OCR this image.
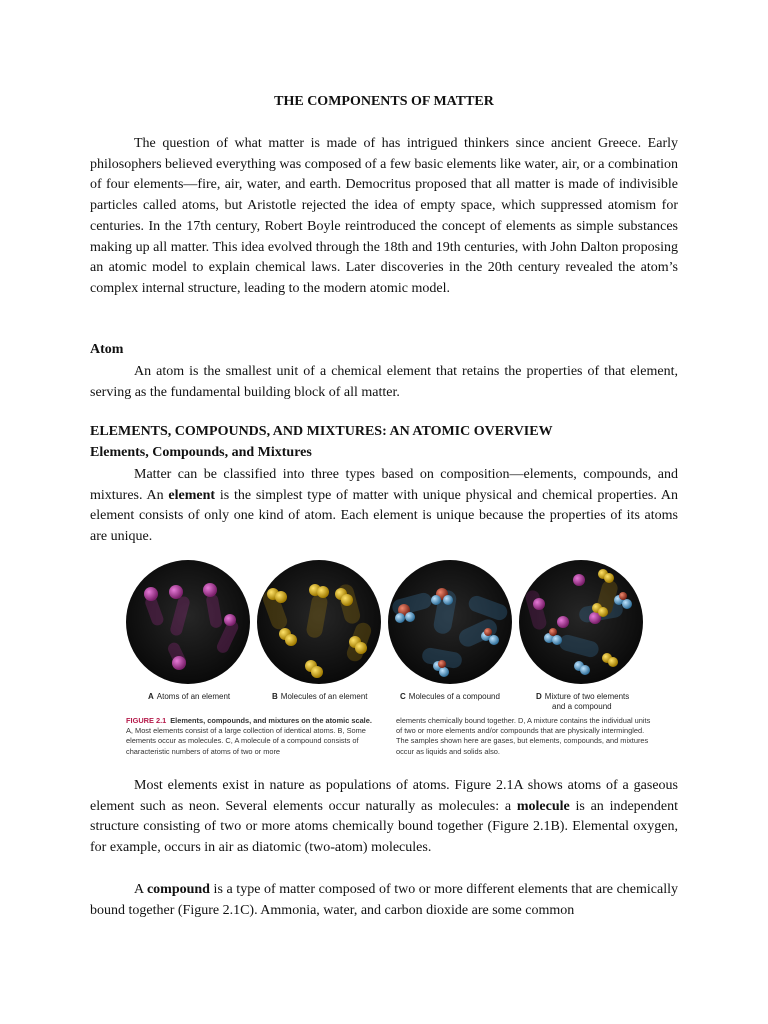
THE COMPONENTS OF MATTER

The question of what matter is made of has intrigued thinkers since ancient Greece. Early philosophers believed everything was composed of a few basic elements like water, air, or a combination of four elements—fire, air, water, and earth. Democritus proposed that all matter is made of indivisible particles called atoms, but Aristotle rejected the idea of empty space, which suppressed atomism for centuries. In the 17th century, Robert Boyle reintroduced the concept of elements as simple substances making up all matter. This idea evolved through the 18th and 19th centuries, with John Dalton proposing an atomic model to explain chemical laws. Later discoveries in the 20th century revealed the atom’s complex internal structure, leading to the modern atomic model.

Atom

An atom is the smallest unit of a chemical element that retains the properties of that element, serving as the fundamental building block of all matter.

ELEMENTS, COMPOUNDS, AND MIXTURES: AN ATOMIC OVERVIEW
Elements, Compounds, and Mixtures

Matter can be classified into three types based on composition—elements, compounds, and mixtures. An element is the simplest type of matter with unique physical and chemical properties. An element consists of only one kind of atom. Each element is unique because the properties of its atoms are unique.

A Atoms of an element	B Molecules of an element	C Molecules of a compound	D Mixture of two elements
and a compound
FIGURE 2.1 Elements, compounds, and mixtures on the atomic scale. A, Most elements consist of a large collection of identical atoms. B, Some elements occur as molecules. C, A molecule of a compound consists of characteristic numbers of atoms of two or more
elements chemically bound together. D, A mixture contains the individual units of two or more elements and/or compounds that are physically intermingled. The samples shown here are gases, but elements, compounds, and mixtures occur as liquids and solids also.

Most elements exist in nature as populations of atoms. Figure 2.1A shows atoms of a gaseous element such as neon. Several elements occur naturally as molecules: a molecule is an independent structure consisting of two or more atoms chemically bound together (Figure 2.1B). Elemental oxygen, for example, occurs in air as diatomic (two-atom) molecules.

A compound is a type of matter composed of two or more different elements that are chemically bound together (Figure 2.1C). Ammonia, water, and carbon dioxide are some common
